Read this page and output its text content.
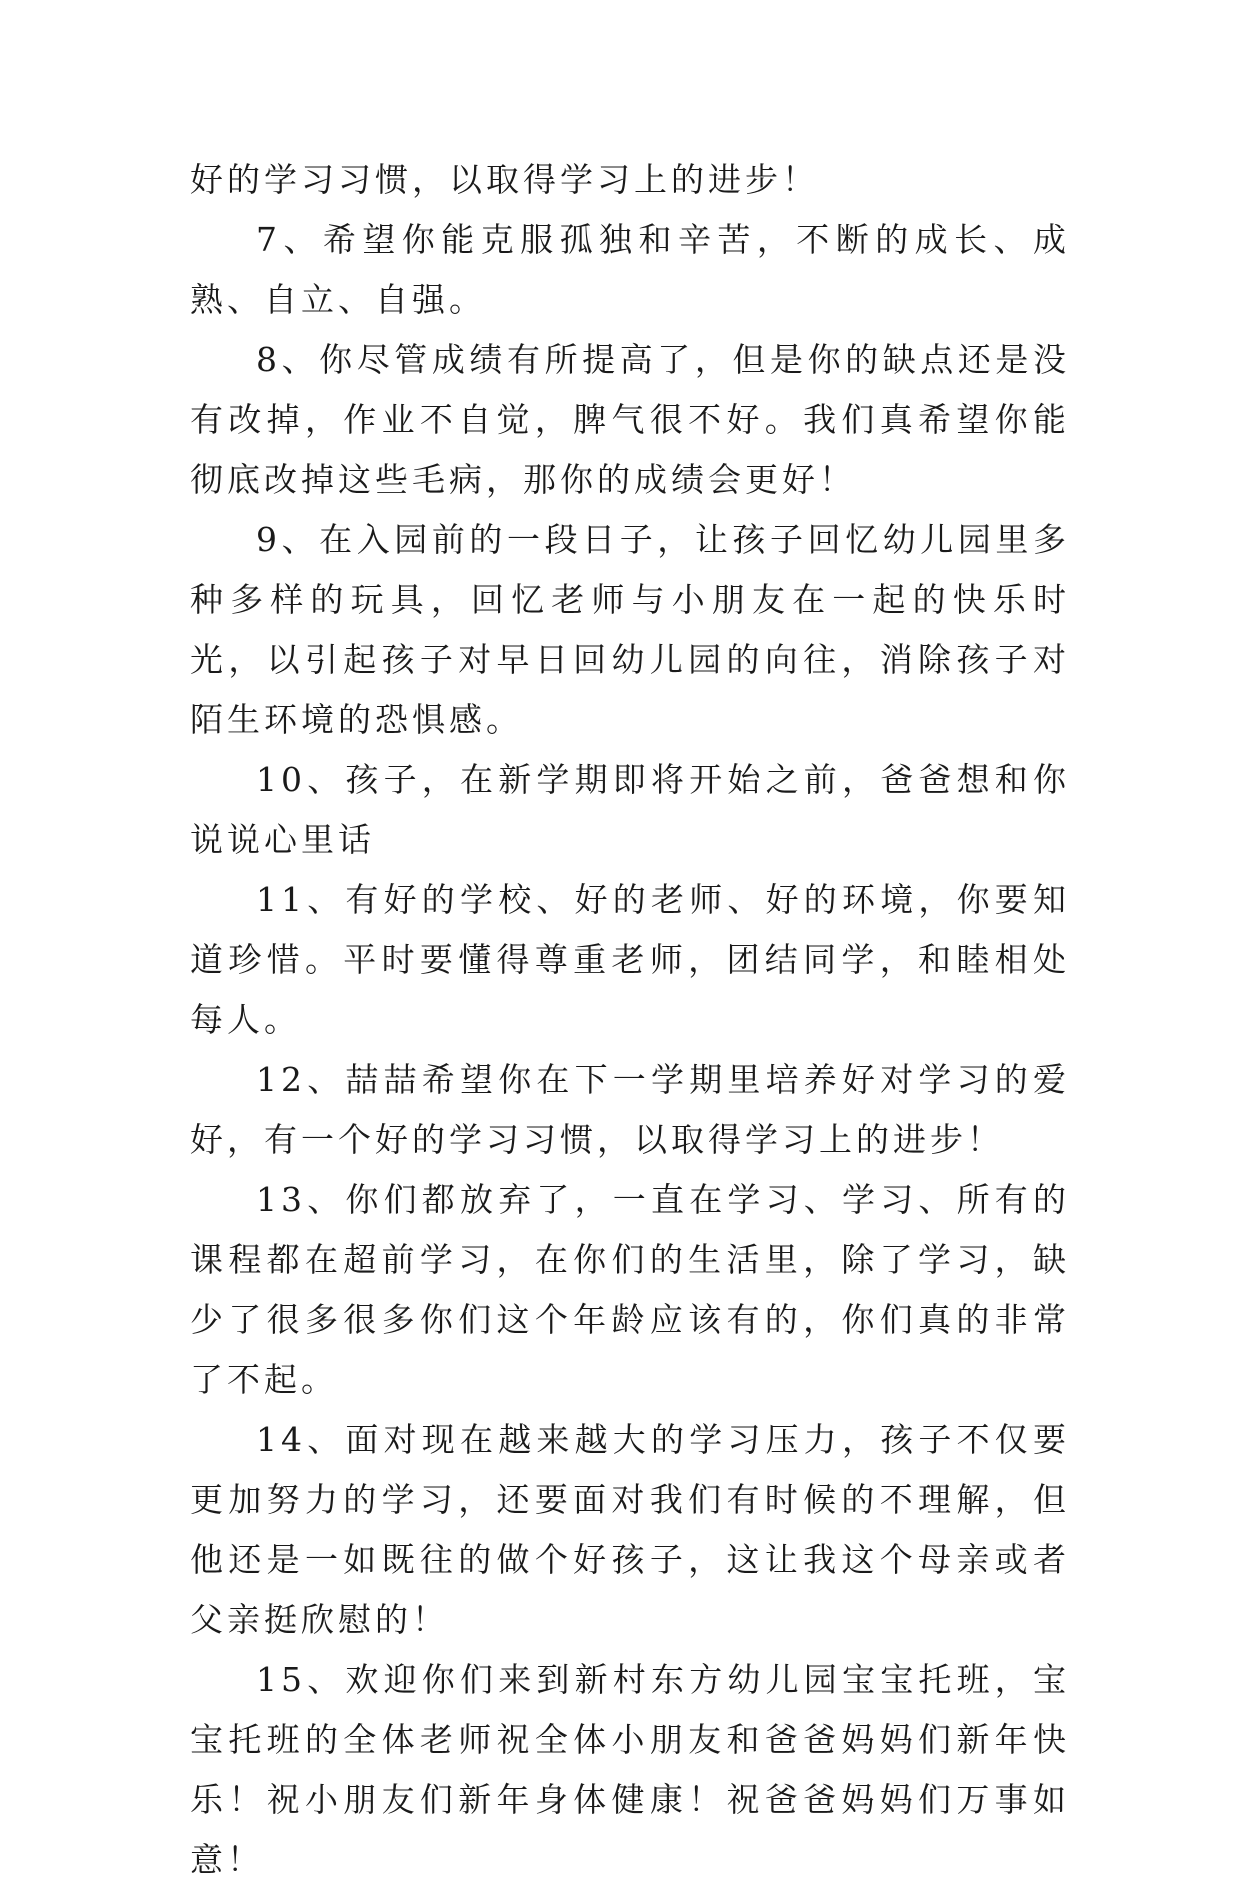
好的学习习惯，以取得学习上的进步！

7、希望你能克服孤独和辛苦，不断的成长、成熟、自立、自强。

8、你尽管成绩有所提高了，但是你的缺点还是没有改掉，作业不自觉，脾气很不好。我们真希望你能彻底改掉这些毛病，那你的成绩会更好！

9、在入园前的一段日子，让孩子回忆幼儿园里多种多样的玩具，回忆老师与小朋友在一起的快乐时光，以引起孩子对早日回幼儿园的向往，消除孩子对陌生环境的恐惧感。

10、孩子，在新学期即将开始之前，爸爸想和你说说心里话

11、有好的学校、好的老师、好的环境，你要知道珍惜。平时要懂得尊重老师，团结同学，和睦相处每人。

12、喆喆希望你在下一学期里培养好对学习的爱好，有一个好的学习习惯，以取得学习上的进步！

13、你们都放弃了，一直在学习、学习、所有的课程都在超前学习，在你们的生活里，除了学习，缺少了很多很多你们这个年龄应该有的，你们真的非常了不起。

14、面对现在越来越大的学习压力，孩子不仅要更加努力的学习，还要面对我们有时候的不理解，但他还是一如既往的做个好孩子，这让我这个母亲或者父亲挺欣慰的！

15、欢迎你们来到新村东方幼儿园宝宝托班，宝宝托班的全体老师祝全体小朋友和爸爸妈妈们新年快乐！祝小朋友们新年身体健康！祝爸爸妈妈们万事如意！
